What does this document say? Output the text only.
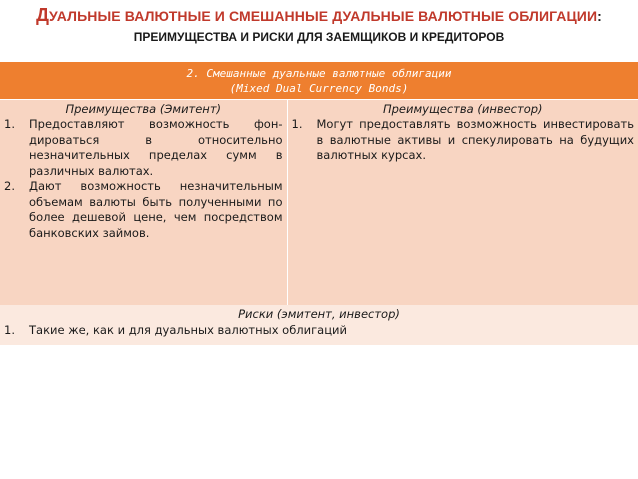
ДУАЛЬНЫЕ ВАЛЮТНЫЕ И СМЕШАННЫЕ ДУАЛЬНЫЕ ВАЛЮТНЫЕ ОБЛИГАЦИИ:
ПРЕИМУЩЕСТВА И РИСКИ ДЛЯ ЗАЕМЩИКОВ И КРЕДИТОРОВ
2. Смешанные дуальные валютные облигации
(Mixed Dual Currency Bonds)

Преимущества (Эмитент)
1. Предоставляют возможность фон-дироваться в относительно незначительных пределах сумм в различных валютах.
2. Дают возможность незначительным объемам валюты быть полученными по более дешевой цене, чем посредством банковских займов.

Преимущества (инвестор)
1. Могут предоставлять возможность инвестировать в валютные активы и спекулировать на будущих валютных курсах.

Риски (эмитент, инвестор)
1. Такие же, как и для дуальных валютных облигаций
